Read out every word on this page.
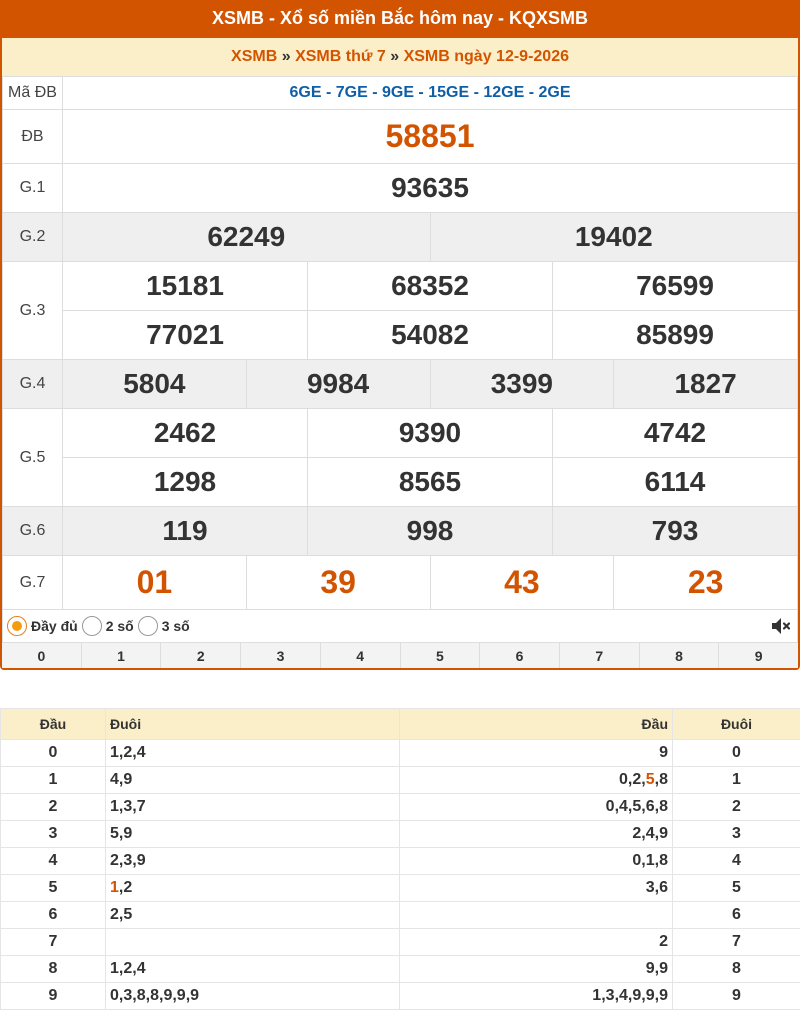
XSMB - Xổ số miền Bắc hôm nay - KQXSMB
XSMB » XSMB thứ 7 » XSMB ngày 12-9-2026
Mã ĐB	6GE - 7GE - 9GE - 15GE - 12GE - 2GE					
ĐB	58851					
G.1	93635					
G.2	62249			19402		
G.3	15181		68352		76599	
	77021		54082		85899	
G.4	5804	9984		3399		1827
G.5	2462		9390		4742	
	1298		8565		6114	
G.6	119		998		793	
G.7	01	39		43		23
Đầy đủ 2 số 3 số
0	1	2	3	4	5	6	7	8	9
Đầu	Đuôi	Đầu	Đuôi
0	1,2,4	9	0
1	4,9	0,2,5,8	1
2	1,3,7	0,4,5,6,8	2
3	5,9	2,4,9	3
4	2,3,9	0,1,8	4
5	1,2	3,6	5
6	2,5		6
7		2	7
8	1,2,4	9,9	8
9	0,3,8,8,9,9,9	1,3,4,9,9,9	9
